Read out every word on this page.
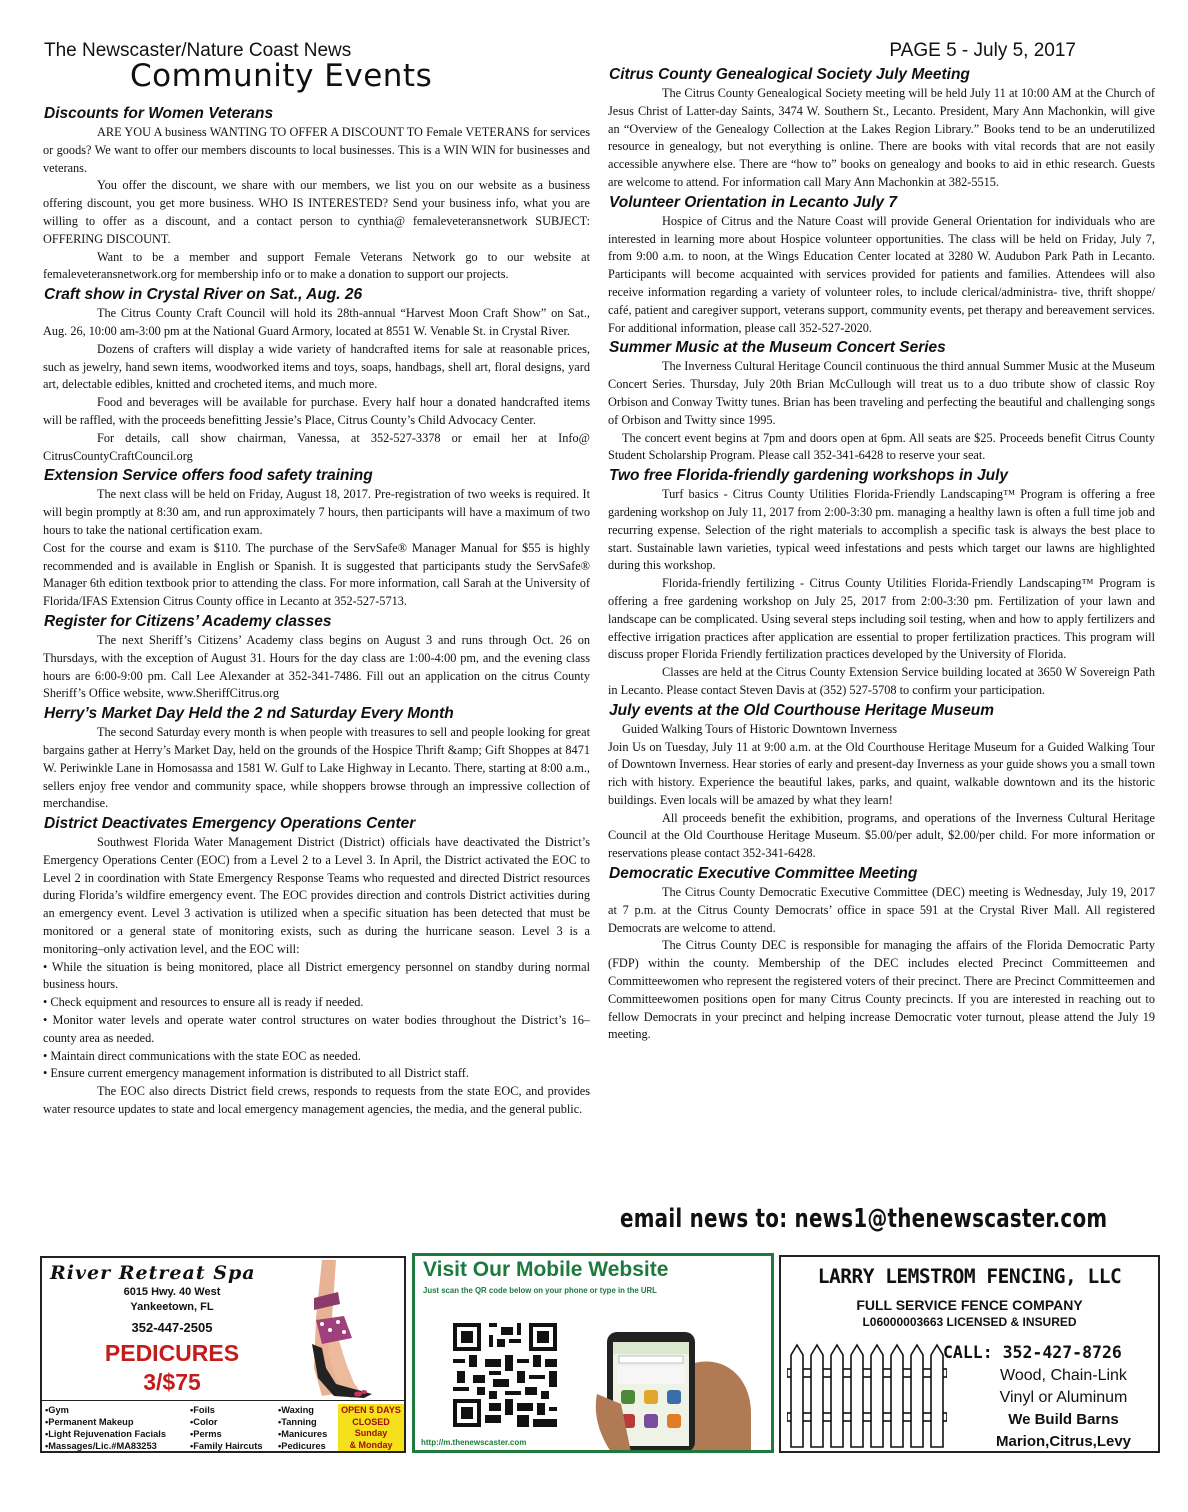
The Newscaster/Nature Coast News	PAGE 5 - July 5, 2017
Community Events
Discounts for Women Veterans

ARE YOU A business WANTING TO OFFER A DISCOUNT TO Female VETERANS for services or goods? We want to offer our members discounts to local businesses. This is a WIN WIN for businesses and veterans.

You offer the discount, we share with our members, we list you on our website as a business offering discount, you get more business. WHO IS INTERESTED? Send your business info, what you are willing to offer as a discount, and a contact person to cynthia@ femaleveteransnetwork SUBJECT: OFFERING DISCOUNT.

Want to be a member and support Female Veterans Network go to our website at femaleveteransnetwork.org for membership info or to make a donation to support our projects.

Craft show in Crystal River on Sat., Aug. 26

The Citrus County Craft Council will hold its 28th-annual “Harvest Moon Craft Show” on Sat., Aug. 26, 10:00 am-3:00 pm at the National Guard Armory, located at 8551 W. Venable St. in Crystal River.

Dozens of crafters will display a wide variety of handcrafted items for sale at reasonable prices, such as jewelry, hand sewn items, woodworked items and toys, soaps, handbags, shell art, floral designs, yard art, delectable edibles, knitted and crocheted items, and much more.

Food and beverages will be available for purchase. Every half hour a donated handcrafted items will be raffled, with the proceeds benefitting Jessie’s Place, Citrus County’s Child Advocacy Center.

For details, call show chairman, Vanessa, at 352-527-3378 or email her at Info@ CitrusCountyCraftCouncil.org

Extension Service offers food safety training

The next class will be held on Friday, August 18, 2017. Pre-registration of two weeks is required. It will begin promptly at 8:30 am, and run approximately 7 hours, then participants will have a maximum of two hours to take the national certification exam.

Cost for the course and exam is $110. The purchase of the ServSafe® Manager Manual for $55 is highly recommended and is available in English or Spanish. It is suggested that participants study the ServSafe® Manager 6th edition textbook prior to attending the class. For more information, call Sarah at the University of Florida/IFAS Extension Citrus County office in Lecanto at 352-527-5713.

Register for Citizens’ Academy classes

The next Sheriff’s Citizens’ Academy class begins on August 3 and runs through Oct. 26 on Thursdays, with the exception of August 31. Hours for the day class are 1:00-4:00 pm, and the evening class hours are 6:00-9:00 pm. Call Lee Alexander at 352-341-7486. Fill out an application on the citrus County Sheriff’s Office website, www.SheriffCitrus.org

Herry’s Market Day Held the 2 nd Saturday Every Month

The second Saturday every month is when people with treasures to sell and people looking for great bargains gather at Herry’s Market Day, held on the grounds of the Hospice Thrift &amp; Gift Shoppes at 8471 W. Periwinkle Lane in Homosassa and 1581 W. Gulf to Lake Highway in Lecanto. There, starting at 8:00 a.m., sellers enjoy free vendor and community space, while shoppers browse through an impressive collection of merchandise.

District Deactivates Emergency Operations Center

Southwest Florida Water Management District (District) officials have deactivated the District’s Emergency Operations Center (EOC) from a Level 2 to a Level 3. In April, the District activated the EOC to Level 2 in coordination with State Emergency Response Teams who requested and directed District resources during Florida’s wildfire emergency event. The EOC provides direction and controls District activities during an emergency event. Level 3 activation is utilized when a specific situation has been detected that must be monitored or a general state of monitoring exists, such as during the hurricane season. Level 3 is a monitoring–only activation level, and the EOC will:

• While the situation is being monitored, place all District emergency personnel on standby during normal business hours.

• Check equipment and resources to ensure all is ready if needed.

• Monitor water levels and operate water control structures on water bodies throughout the District’s 16–county area as needed.

• Maintain direct communications with the state EOC as needed.

• Ensure current emergency management information is distributed to all District staff.

The EOC also directs District field crews, responds to requests from the state EOC, and provides water resource updates to state and local emergency management agencies, the media, and the general public.

Citrus County Genealogical Society July Meeting

The Citrus County Genealogical Society meeting will be held July 11 at 10:00 AM at the Church of Jesus Christ of Latter-day Saints, 3474 W. Southern St., Lecanto. President, Mary Ann Machonkin, will give an “Overview of the Genealogy Collection at the Lakes Region Library.” Books tend to be an underutilized resource in genealogy, but not everything is online. There are books with vital records that are not easily accessible anywhere else. There are “how to” books on genealogy and books to aid in ethic research. Guests are welcome to attend. For information call Mary Ann Machonkin at 382-5515.

Volunteer Orientation in Lecanto July 7

Hospice of Citrus and the Nature Coast will provide General Orientation for individuals who are interested in learning more about Hospice volunteer opportunities. The class will be held on Friday, July 7, from 9:00 a.m. to noon, at the Wings Education Center located at 3280 W. Audubon Park Path in Lecanto. Participants will become acquainted with services provided for patients and families. Attendees will also receive information regarding a variety of volunteer roles, to include clerical/administra- tive, thrift shoppe/ café, patient and caregiver support, veterans support, community events, pet therapy and bereavement services. For additional information, please call 352-527-2020.

Summer Music at the Museum Concert Series

The Inverness Cultural Heritage Council continuous the third annual Summer Music at the Museum Concert Series. Thursday, July 20th Brian McCullough will treat us to a duo tribute show of classic Roy Orbison and Conway Twitty tunes. Brian has been traveling and perfecting the beautiful and challenging songs of Orbison and Twitty since 1995.

The concert event begins at 7pm and doors open at 6pm. All seats are $25. Proceeds benefit Citrus County Student Scholarship Program. Please call 352-341-6428 to reserve your seat.

Two free Florida-friendly gardening workshops in July

Turf basics - Citrus County Utilities Florida-Friendly Landscaping™ Program is offering a free gardening workshop on July 11, 2017 from 2:00-3:30 pm. managing a healthy lawn is often a full time job and recurring expense. Selection of the right materials to accomplish a specific task is always the best place to start. Sustainable lawn varieties, typical weed infestations and pests which target our lawns are highlighted during this workshop.

Florida-friendly fertilizing - Citrus County Utilities Florida-Friendly Landscaping™ Program is offering a free gardening workshop on July 25, 2017 from 2:00-3:30 pm. Fertilization of your lawn and landscape can be complicated. Using several steps including soil testing, when and how to apply fertilizers and effective irrigation practices after application are essential to proper fertilization practices. This program will discuss proper Florida Friendly fertilization practices developed by the University of Florida.

Classes are held at the Citrus County Extension Service building located at 3650 W Sovereign Path in Lecanto. Please contact Steven Davis at (352) 527-5708 to confirm your participation.

July events at the Old Courthouse Heritage Museum

Guided Walking Tours of Historic Downtown Inverness

Join Us on Tuesday, July 11 at 9:00 a.m. at the Old Courthouse Heritage Museum for a Guided Walking Tour of Downtown Inverness. Hear stories of early and present-day Inverness as your guide shows you a small town rich with history. Experience the beautiful lakes, parks, and quaint, walkable downtown and its the historic buildings. Even locals will be amazed by what they learn!

All proceeds benefit the exhibition, programs, and operations of the Inverness Cultural Heritage Council at the Old Courthouse Heritage Museum. $5.00/per adult, $2.00/per child. For more information or reservations please contact 352-341-6428.

Democratic Executive Committee Meeting

The Citrus County Democratic Executive Committee (DEC) meeting is Wednesday, July 19, 2017 at 7 p.m. at the Citrus County Democrats’ office in space 591 at the Crystal River Mall. All registered Democrats are welcome to attend.

The Citrus County DEC is responsible for managing the affairs of the Florida Democratic Party (FDP) within the county. Membership of the DEC includes elected Precinct Committeemen and Committeewomen who represent the registered voters of their precinct. There are Precinct Committeemen and Committeewomen positions open for many Citrus County precincts. If you are interested in reaching out to fellow Democrats in your precinct and helping increase Democratic voter turnout, please attend the July 19 meeting.

email news to: news1@thenewscaster.com
River Retreat Spa
6015 Hwy. 40 West
Yankeetown, FL
352-447-2505
PEDICURES
3/$75
•Gym
•Permanent Makeup
•Light Rejuvenation Facials
•Massages/Lic.#MA83253
•Foils
•Color
•Perms
•Family Haircuts
•Waxing
•Tanning
•Manicures
•Pedicures
OPEN 5 DAYS
CLOSED
Sunday
& Monday
Visit Our Mobile Website
Just scan the QR code below on your phone or type in the URL
http://m.thenewscaster.com
LARRY LEMSTROM FENCING, LLC
FULL SERVICE FENCE COMPANY
L06000003663 LICENSED & INSURED
CALL: 352-427-8726
Wood, Chain-Link
Vinyl or Aluminum
We Build Barns
Marion,Citrus,Levy
